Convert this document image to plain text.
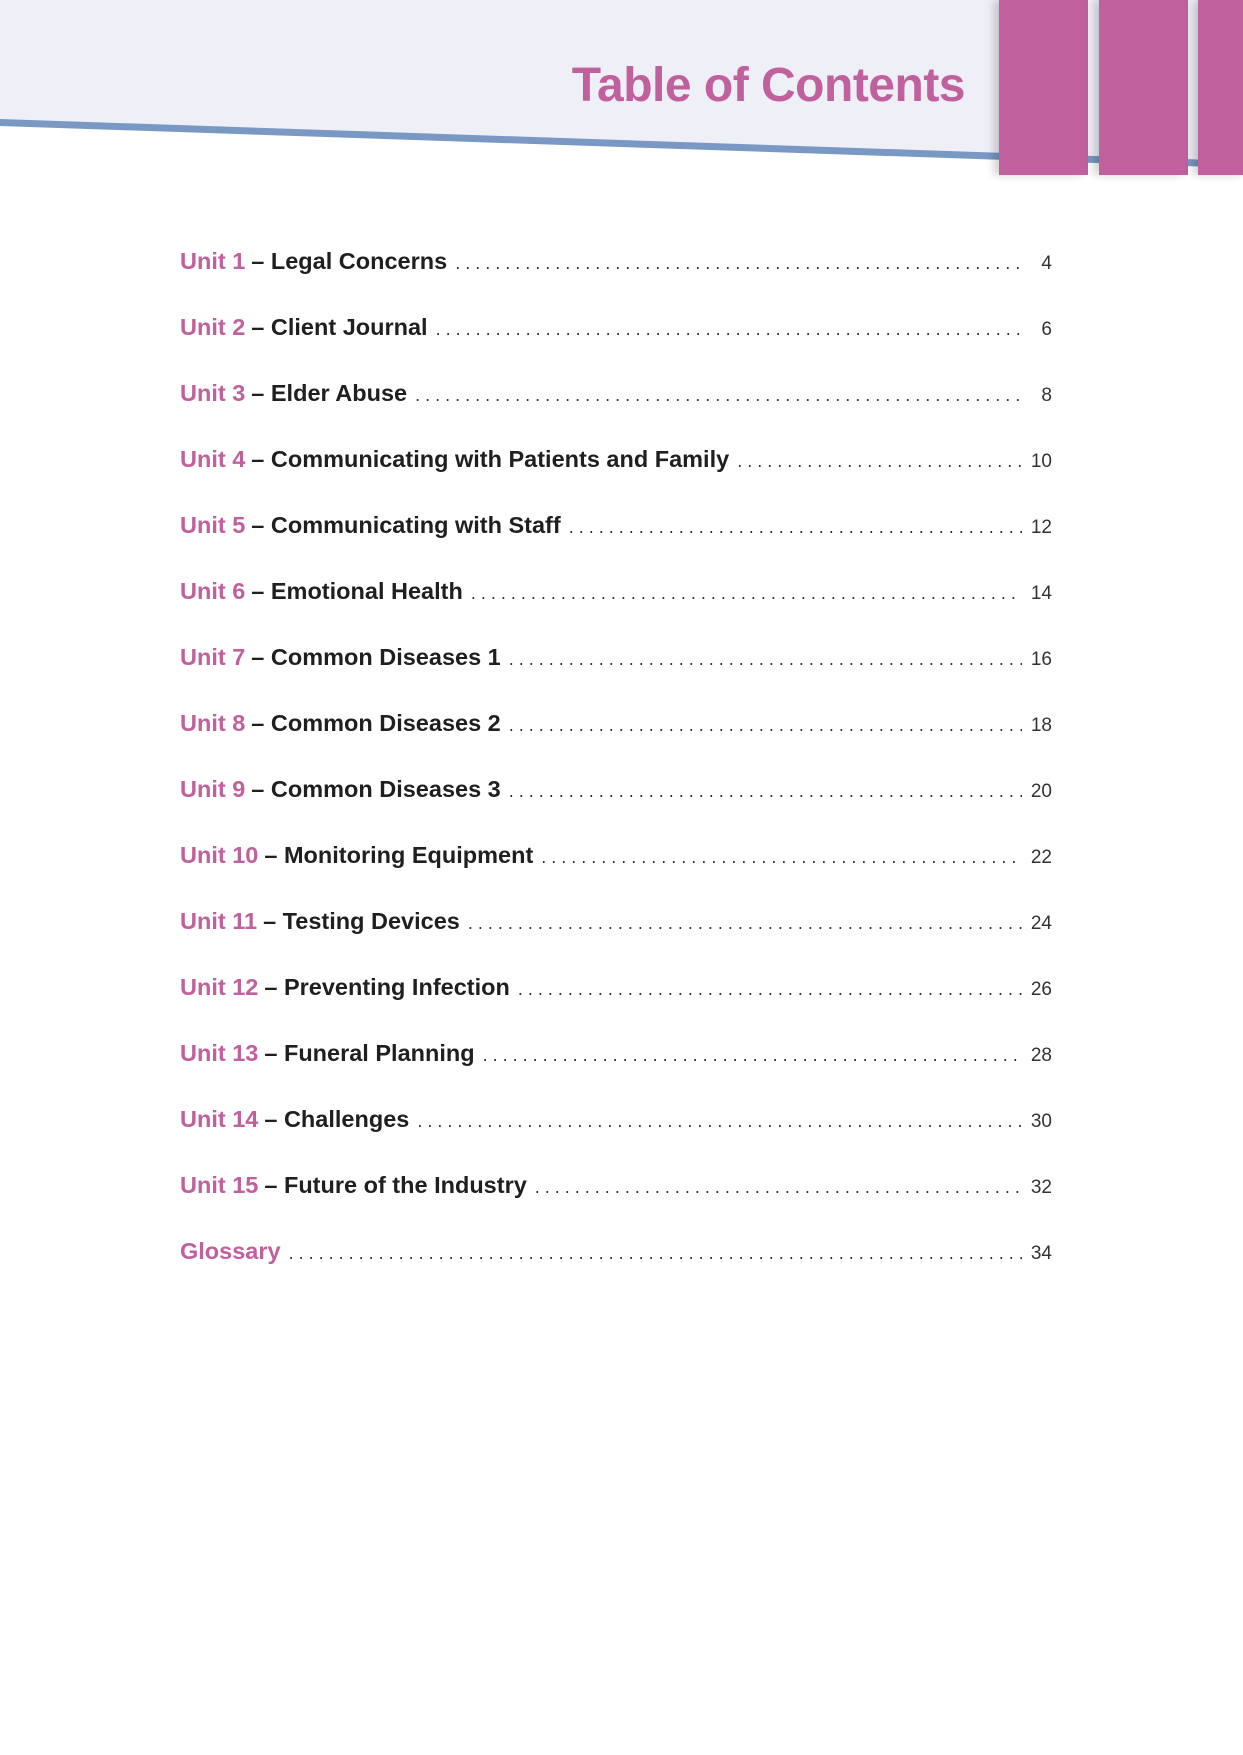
Table of Contents
Unit 1 – Legal Concerns . . .	4
Unit 2 – Client Journal . . .	6
Unit 3 – Elder Abuse . . .	8
Unit 4 – Communicating with Patients and Family . . .	10
Unit 5 – Communicating with Staff . . .	12
Unit 6 – Emotional Health . . .	14
Unit 7 – Common Diseases 1 . . .	16
Unit 8 – Common Diseases 2 . . .	18
Unit 9 – Common Diseases 3 . . .	20
Unit 10 – Monitoring Equipment . . .	22
Unit 11 – Testing Devices . . .	24
Unit 12 – Preventing Infection . . .	26
Unit 13 – Funeral Planning . . .	28
Unit 14 – Challenges . . .	30
Unit 15 – Future of the Industry . . .	32
Glossary . . .	34
